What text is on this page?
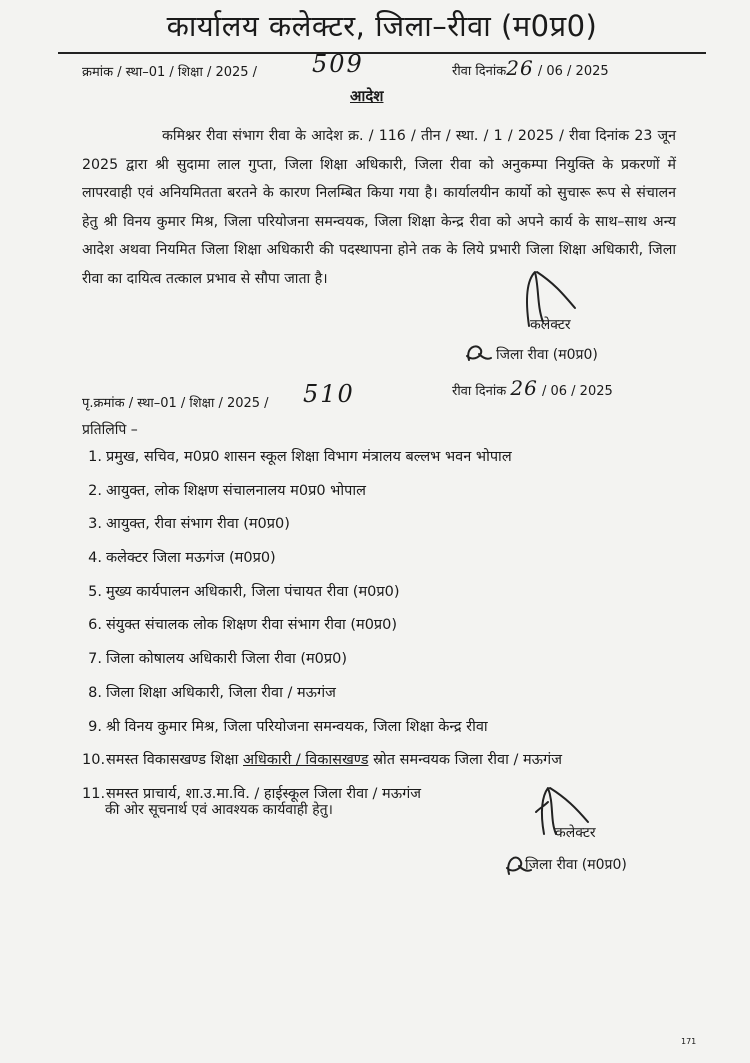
कार्यालय कलेक्टर, जिला–रीवा (म0प्र0)
क्रमांक / स्था–01 / शिक्षा / 2025 / 509	रीवा दिनांक26 / 06 / 2025
आदेश
कमिश्नर रीवा संभाग रीवा के आदेश क्र. / 116 / तीन / स्था. / 1 / 2025 / रीवा दिनांक 23 जून 2025 द्वारा श्री सुदामा लाल गुप्ता, जिला शिक्षा अधिकारी, जिला रीवा को अनुकम्पा नियुक्ति के प्रकरणों में लापरवाही एवं अनियमितता बरतने के कारण निलम्बित किया गया है। कार्यालयीन कार्यो को सुचारू रूप से संचालन हेतु श्री विनय कुमार मिश्र, जिला परियोजना समन्वयक, जिला शिक्षा केन्द्र रीवा को अपने कार्य के साथ–साथ अन्य आदेश अथवा नियमित जिला शिक्षा अधिकारी की पदस्थापना होने तक के लिये प्रभारी जिला शिक्षा अधिकारी, जिला रीवा का दायित्व तत्काल प्रभाव से सौपा जाता है।
कलेक्टर
जिला रीवा (म0प्र0)
रीवा दिनांक 26 / 06 / 2025
पृ.क्रमांक / स्था–01 / शिक्षा / 2025 / 510
प्रतिलिपि –
1. प्रमुख, सचिव, म0प्र0 शासन स्कूल शिक्षा विभाग मंत्रालय बल्लभ भवन भोपाल
2. आयुक्त, लोक शिक्षण संचालनालय म0प्र0 भोपाल
3. आयुक्त, रीवा संभाग रीवा (म0प्र0)
4. कलेक्टर जिला मऊगंज (म0प्र0)
5. मुख्य कार्यपालन अधिकारी, जिला पंचायत रीवा (म0प्र0)
6. संयुक्त संचालक लोक शिक्षण रीवा संभाग रीवा (म0प्र0)
7. जिला कोषालय अधिकारी जिला रीवा (म0प्र0)
8. जिला शिक्षा अधिकारी, जिला रीवा / मऊगंज
9. श्री विनय कुमार मिश्र, जिला परियोजना समन्वयक, जिला शिक्षा केन्द्र रीवा
10.समस्त विकासखण्ड शिक्षा अधिकारी / विकासखण्ड स्रोत समन्वयक जिला रीवा / मऊगंज
11.समस्त प्राचार्य, शा.उ.मा.वि. / हाईस्कूल जिला रीवा / मऊगंज
की ओर सूचनार्थ एवं आवश्यक कार्यवाही हेतु।
कलेक्टर
जिला रीवा (म0प्र0)
171
